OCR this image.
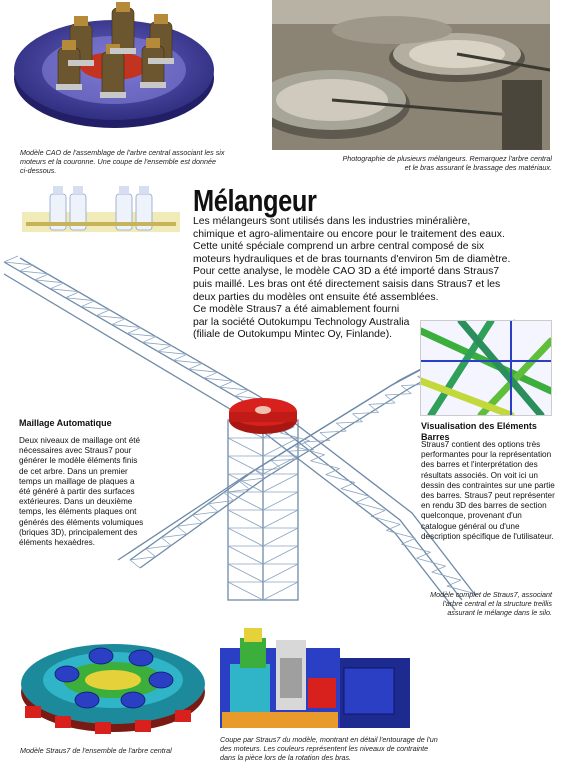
Modèle CAO de l'assemblage de l'arbre central associant les six moteurs et la couronne. Une coupe de l'ensemble est donnée ci-dessous.
Photographie de plusieurs mélangeurs. Remarquez l'arbre central et le bras assurant le brassage des matériaux.
Mélangeur
Les mélangeurs sont utilisés dans les industries minéralière, chimique et agro-alimentaire ou encore pour le traitement des eaux. Cette unité spéciale comprend un arbre central composé de six moteurs hydrauliques et de bras tournants d'environ 5m de diamètre.
Pour cette analyse, le modèle CAO 3D a été importé dans Straus7 puis maillé. Les bras ont été directement saisis dans Straus7 et les deux parties du modèles ont ensuite été assemblées.
Ce modèle Straus7 a été aimablement fourni par la société Outokumpu Technology Australia (filiale de Outokumpu Mintec Oy, Finlande).
Visualisation des Eléments Barres
Straus7 contient des options très performantes pour la représentation des barres et l'interprétation des résultats associés. On voit ici un dessin des contraintes sur une partie des barres. Straus7 peut représenter en rendu 3D des barres de section quelconque, provenant d'un catalogue général ou d'une description spécifique de l'utilisateur.
Maillage Automatique
Deux niveaux de maillage ont été nécessaires avec Straus7 pour générer le modèle éléments finis de cet arbre. Dans un premier temps un maillage de plaques a été généré à partir des surfaces extérieures. Dans un deuxième temps, les éléments plaques ont générés des éléments volumiques (briques 3D), principalement des éléments hexaèdres.
Modèle complet de Straus7, associant l'arbre central et la structure treillis assurant le mélange dans le silo.
Modèle Straus7 de l'ensemble de l'arbre central
Coupe par Straus7 du modèle, montrant en détail l'entourage de l'un des moteurs. Les couleurs représentent les niveaux de contrainte dans la pièce lors de la rotation des bras.
